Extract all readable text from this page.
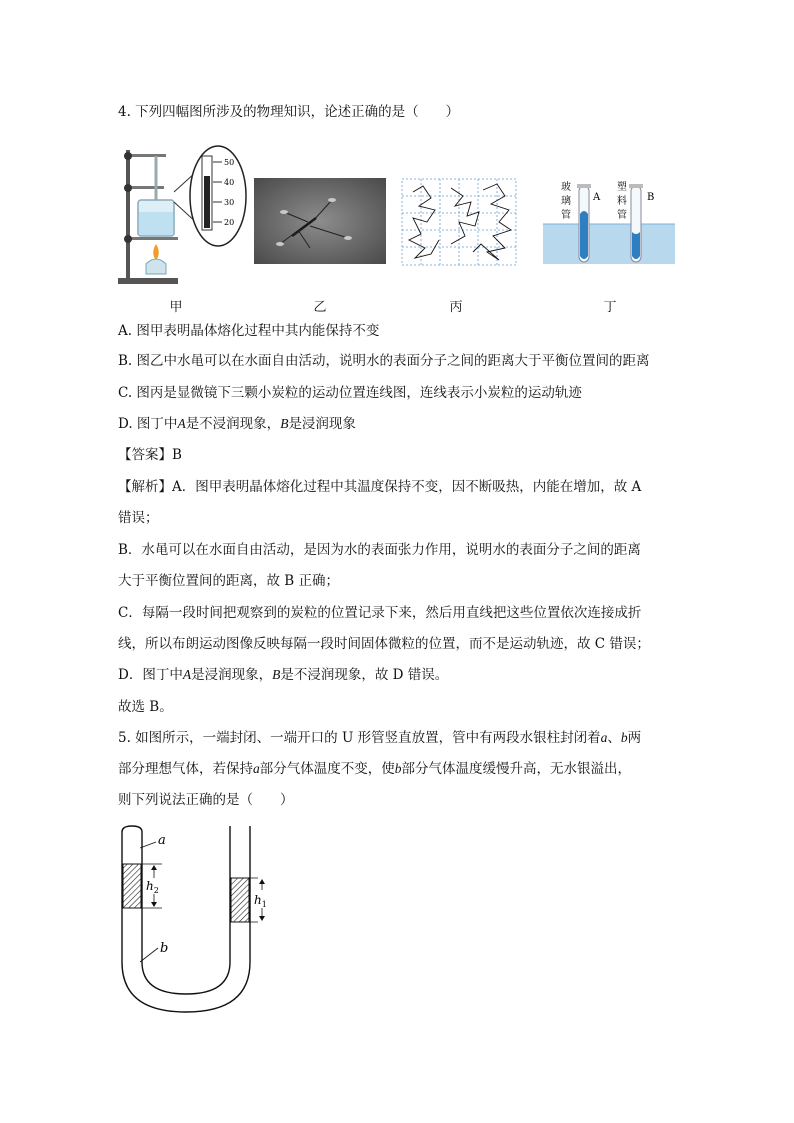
4. 下列四幅图所涉及的物理知识，论述正确的是（　　）
50
40
30
20
玻
璃
管
A
塑
料
管
B
甲	乙	丙	丁
A. 图甲表明晶体熔化过程中其内能保持不变
B. 图乙中水黾可以在水面自由活动，说明水的表面分子之间的距离大于平衡位置间的距离
C. 图丙是显微镜下三颗小炭粒的运动位置连线图，连线表示小炭粒的运动轨迹
D. 图丁中A是不浸润现象，B是浸润现象
【答案】B
【解析】A．图甲表明晶体熔化过程中其温度保持不变，因不断吸热，内能在增加，故 A
错误；
B．水黾可以在水面自由活动，是因为水的表面张力作用，说明水的表面分子之间的距离
大于平衡位置间的距离，故 B 正确；
C．每隔一段时间把观察到的炭粒的位置记录下来，然后用直线把这些位置依次连接成折
线，所以布朗运动图像反映每隔一段时间固体微粒的位置，而不是运动轨迹，故 C 错误；
D．图丁中A是浸润现象，B是不浸润现象，故 D 错误。
故选 B。
5. 如图所示，一端封闭、一端开口的 U 形管竖直放置，管中有两段水银柱封闭着a、b两
部分理想气体，若保持a部分气体温度不变，使b部分气体温度缓慢升高，无水银溢出，
则下列说法正确的是（　　）
a
b
$h_2$
$h_1$
